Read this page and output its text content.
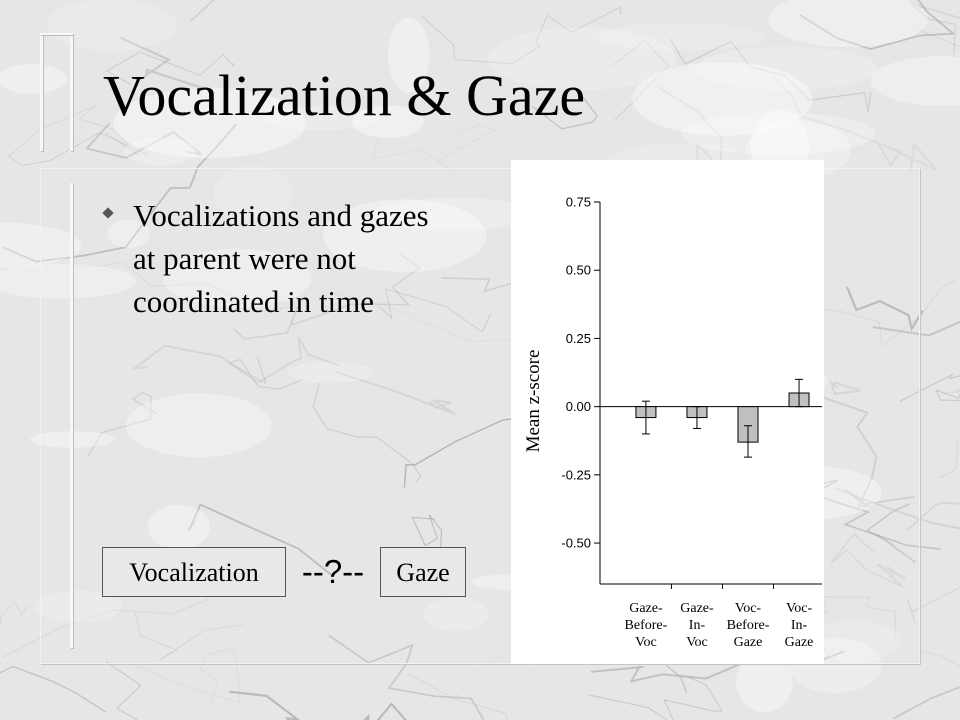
Vocalization & Gaze

Vocalizations and gazes at parent were not coordinated in time

Vocalization	--?--	Gaze
0.75
0.50
0.25
0.00
-0.25
-0.50
Gaze-Before-Voc
Gaze-In-Voc
Voc-Before-Gaze
Voc-In-Gaze
Mean z-score
